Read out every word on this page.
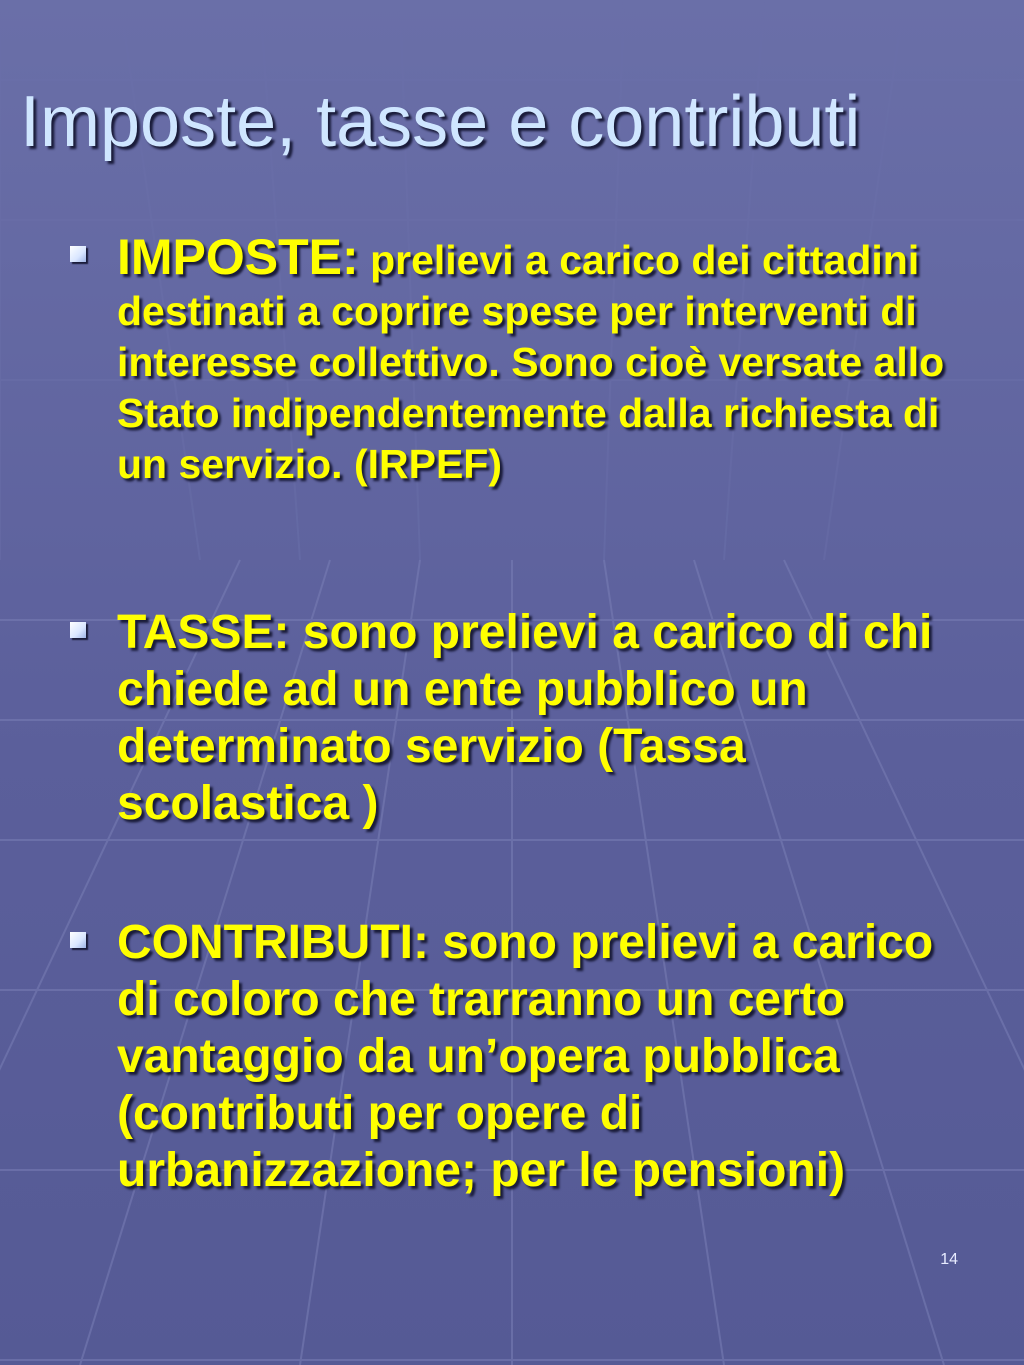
Imposte, tasse e contributi

IMPOSTE: prelievi a carico dei cittadini destinati a coprire spese per interventi di interesse collettivo. Sono cioè versate allo Stato indipendentemente dalla richiesta di un servizio. (IRPEF)

TASSE: sono prelievi a carico di chi chiede ad un ente pubblico un determinato servizio (Tassa scolastica )

CONTRIBUTI: sono prelievi a carico di coloro che trarranno un certo vantaggio da un’opera pubblica (contributi per opere di urbanizzazione; per le pensioni)

14
